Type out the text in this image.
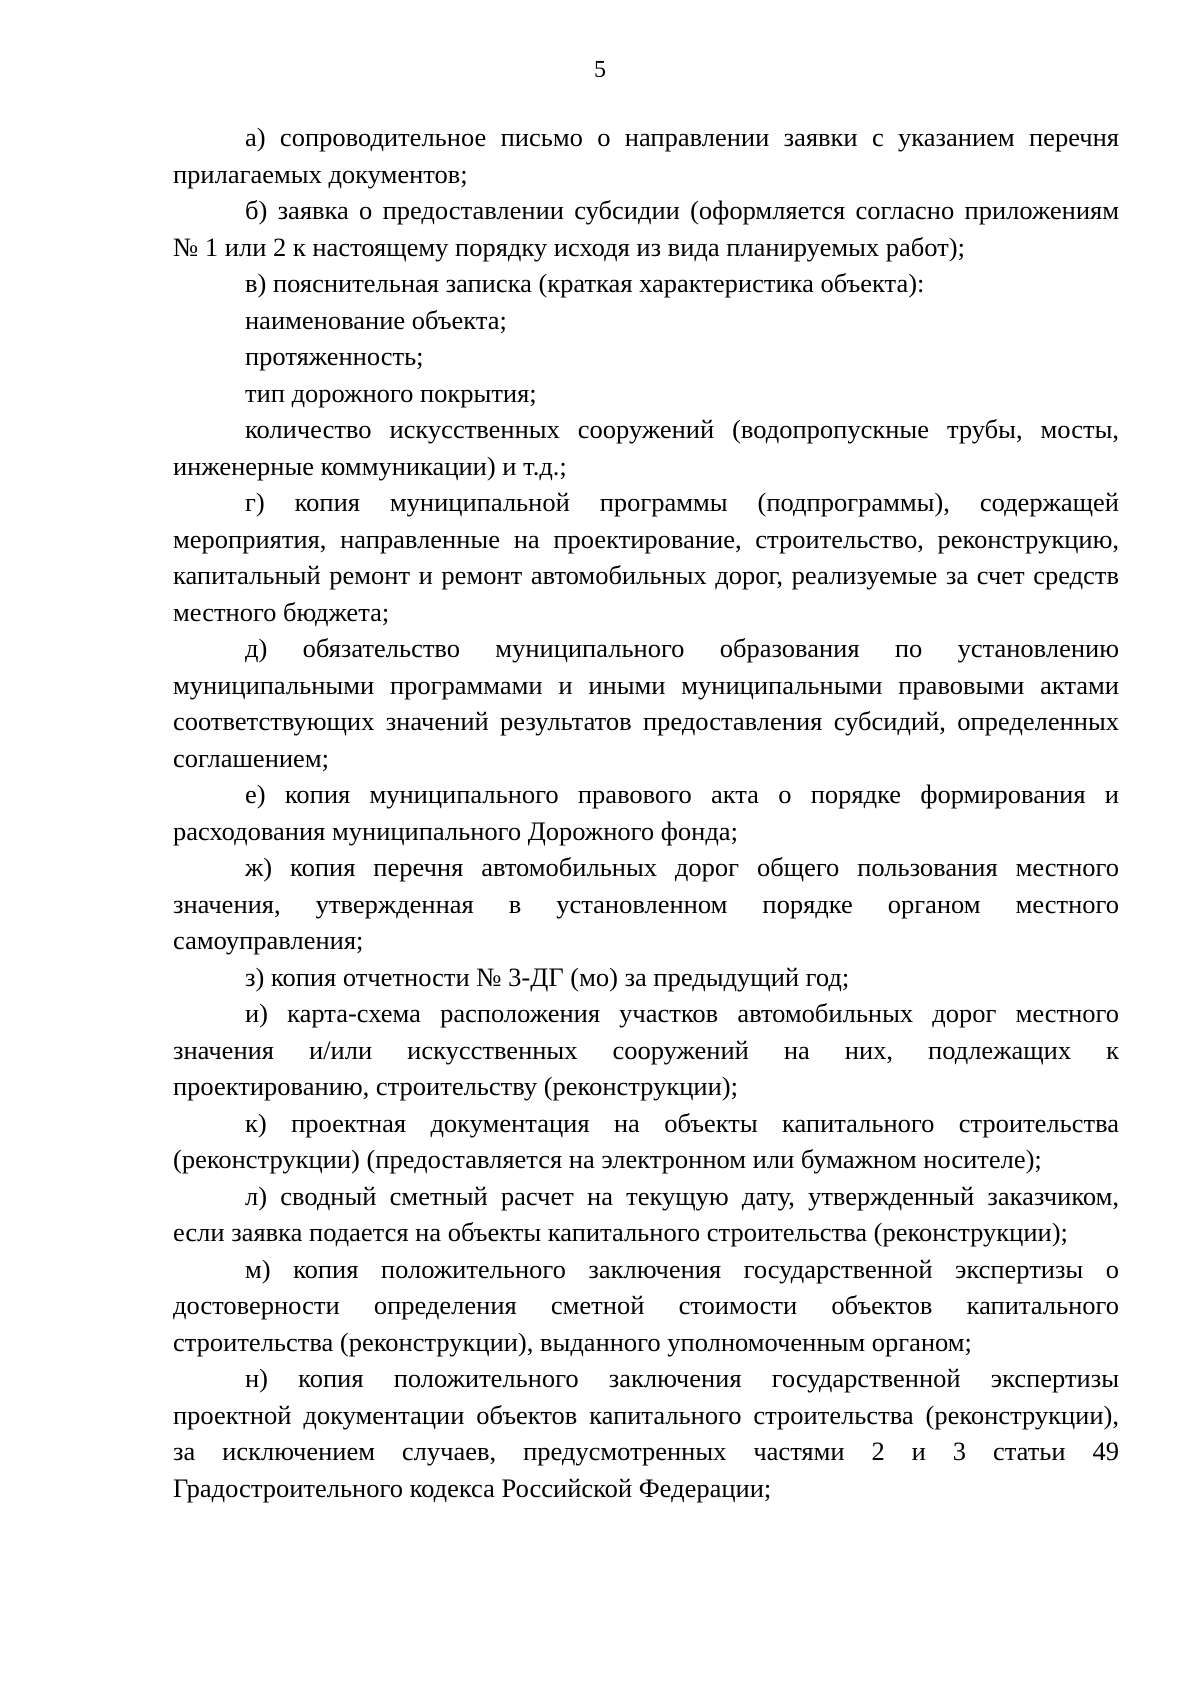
5

а) сопроводительное письмо о направлении заявки с указанием перечня прилагаемых документов;

б) заявка о предоставлении субсидии (оформляется согласно приложениям № 1 или 2 к настоящему порядку исходя из вида планируемых работ);

в) пояснительная записка (краткая характеристика объекта):

наименование объекта;

протяженность;

тип дорожного покрытия;

количество искусственных сооружений (водопропускные трубы, мосты, инженерные коммуникации) и т.д.;

г) копия муниципальной программы (подпрограммы), содержащей мероприятия, направленные на проектирование, строительство, реконструкцию, капитальный ремонт и ремонт автомобильных дорог, реализуемые за счет средств местного бюджета;

д) обязательство муниципального образования по установлению муниципальными программами и иными муниципальными правовыми актами соответствующих значений результатов предоставления субсидий, определенных соглашением;

е) копия муниципального правового акта о порядке формирования и расходования муниципального Дорожного фонда;

ж) копия перечня автомобильных дорог общего пользования местного значения, утвержденная в установленном порядке органом местного самоуправления;

з) копия отчетности № 3-ДГ (мо) за предыдущий год;

и) карта-схема расположения участков автомобильных дорог местного значения и/или искусственных сооружений на них, подлежащих к проектированию, строительству (реконструкции);

к) проектная документация на объекты капитального строительства (реконструкции) (предоставляется на электронном или бумажном носителе);

л) сводный сметный расчет на текущую дату, утвержденный заказчиком, если заявка подается на объекты капитального строительства (реконструкции);

м) копия положительного заключения государственной экспертизы о достоверности определения сметной стоимости объектов капитального строительства (реконструкции), выданного уполномоченным органом;

н) копия положительного заключения государственной экспертизы проектной документации объектов капитального строительства (реконструкции), за исключением случаев, предусмотренных частями 2 и 3 статьи 49 Градостроительного кодекса Российской Федерации;
